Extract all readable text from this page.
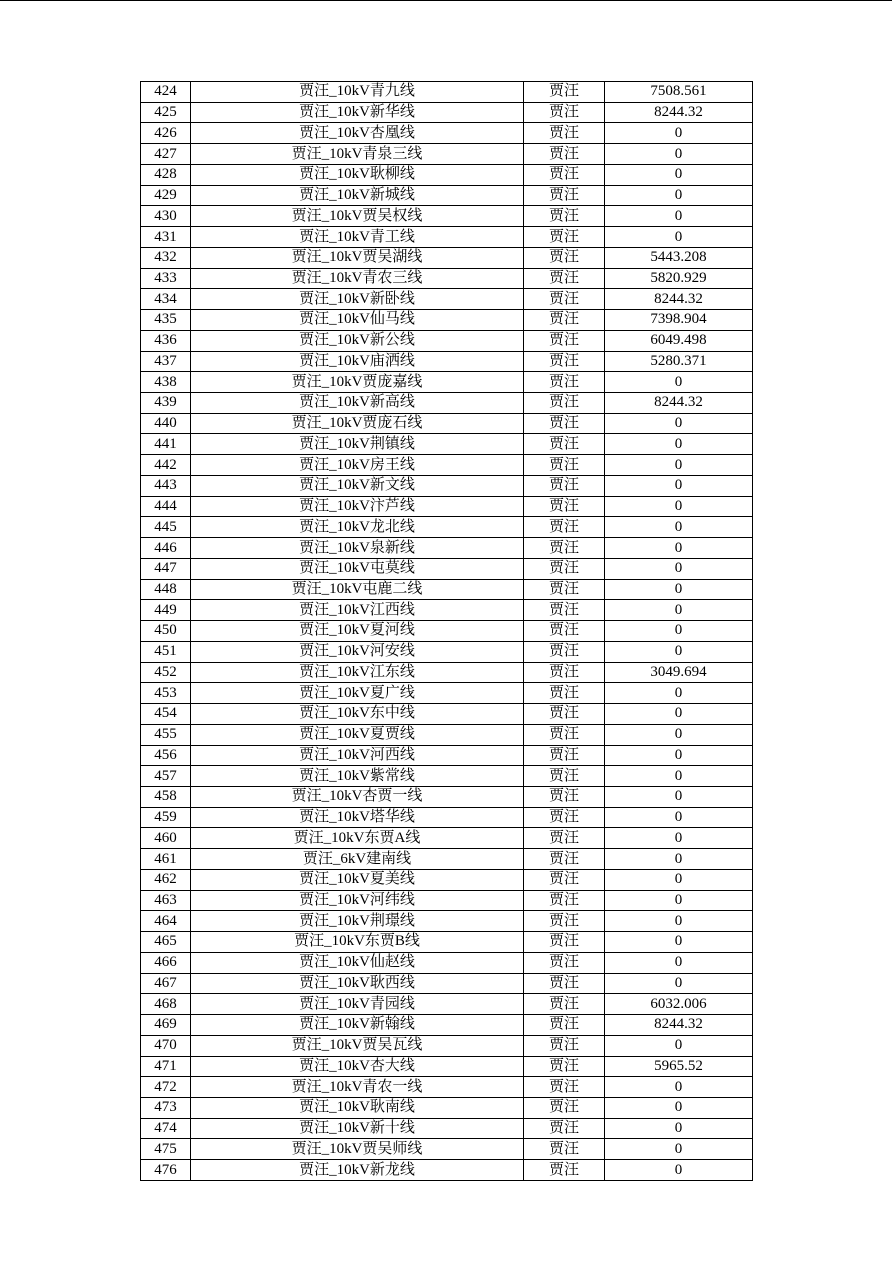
424	贾汪_10kV青九线	贾汪	7508.561
425	贾汪_10kV新华线	贾汪	8244.32
426	贾汪_10kV杏凰线	贾汪	0
427	贾汪_10kV青泉三线	贾汪	0
428	贾汪_10kV耿柳线	贾汪	0
429	贾汪_10kV新城线	贾汪	0
430	贾汪_10kV贾吴权线	贾汪	0
431	贾汪_10kV青工线	贾汪	0
432	贾汪_10kV贾吴湖线	贾汪	5443.208
433	贾汪_10kV青农三线	贾汪	5820.929
434	贾汪_10kV新卧线	贾汪	8244.32
435	贾汪_10kV仙马线	贾汪	7398.904
436	贾汪_10kV新公线	贾汪	6049.498
437	贾汪_10kV庙洒线	贾汪	5280.371
438	贾汪_10kV贾庞嘉线	贾汪	0
439	贾汪_10kV新高线	贾汪	8244.32
440	贾汪_10kV贾庞石线	贾汪	0
441	贾汪_10kV荆镇线	贾汪	0
442	贾汪_10kV房王线	贾汪	0
443	贾汪_10kV新文线	贾汪	0
444	贾汪_10kV汴芦线	贾汪	0
445	贾汪_10kV龙北线	贾汪	0
446	贾汪_10kV泉新线	贾汪	0
447	贾汪_10kV屯莫线	贾汪	0
448	贾汪_10kV屯鹿二线	贾汪	0
449	贾汪_10kV江西线	贾汪	0
450	贾汪_10kV夏河线	贾汪	0
451	贾汪_10kV河安线	贾汪	0
452	贾汪_10kV江东线	贾汪	3049.694
453	贾汪_10kV夏广线	贾汪	0
454	贾汪_10kV东中线	贾汪	0
455	贾汪_10kV夏贾线	贾汪	0
456	贾汪_10kV河西线	贾汪	0
457	贾汪_10kV紫常线	贾汪	0
458	贾汪_10kV杏贾一线	贾汪	0
459	贾汪_10kV塔华线	贾汪	0
460	贾汪_10kV东贾A线	贾汪	0
461	贾汪_6kV建南线	贾汪	0
462	贾汪_10kV夏美线	贾汪	0
463	贾汪_10kV河纬线	贾汪	0
464	贾汪_10kV荆璟线	贾汪	0
465	贾汪_10kV东贾B线	贾汪	0
466	贾汪_10kV仙赵线	贾汪	0
467	贾汪_10kV耿西线	贾汪	0
468	贾汪_10kV青园线	贾汪	6032.006
469	贾汪_10kV新翰线	贾汪	8244.32
470	贾汪_10kV贾吴瓦线	贾汪	0
471	贾汪_10kV杏大线	贾汪	5965.52
472	贾汪_10kV青农一线	贾汪	0
473	贾汪_10kV耿南线	贾汪	0
474	贾汪_10kV新十线	贾汪	0
475	贾汪_10kV贾吴师线	贾汪	0
476	贾汪_10kV新龙线	贾汪	0
